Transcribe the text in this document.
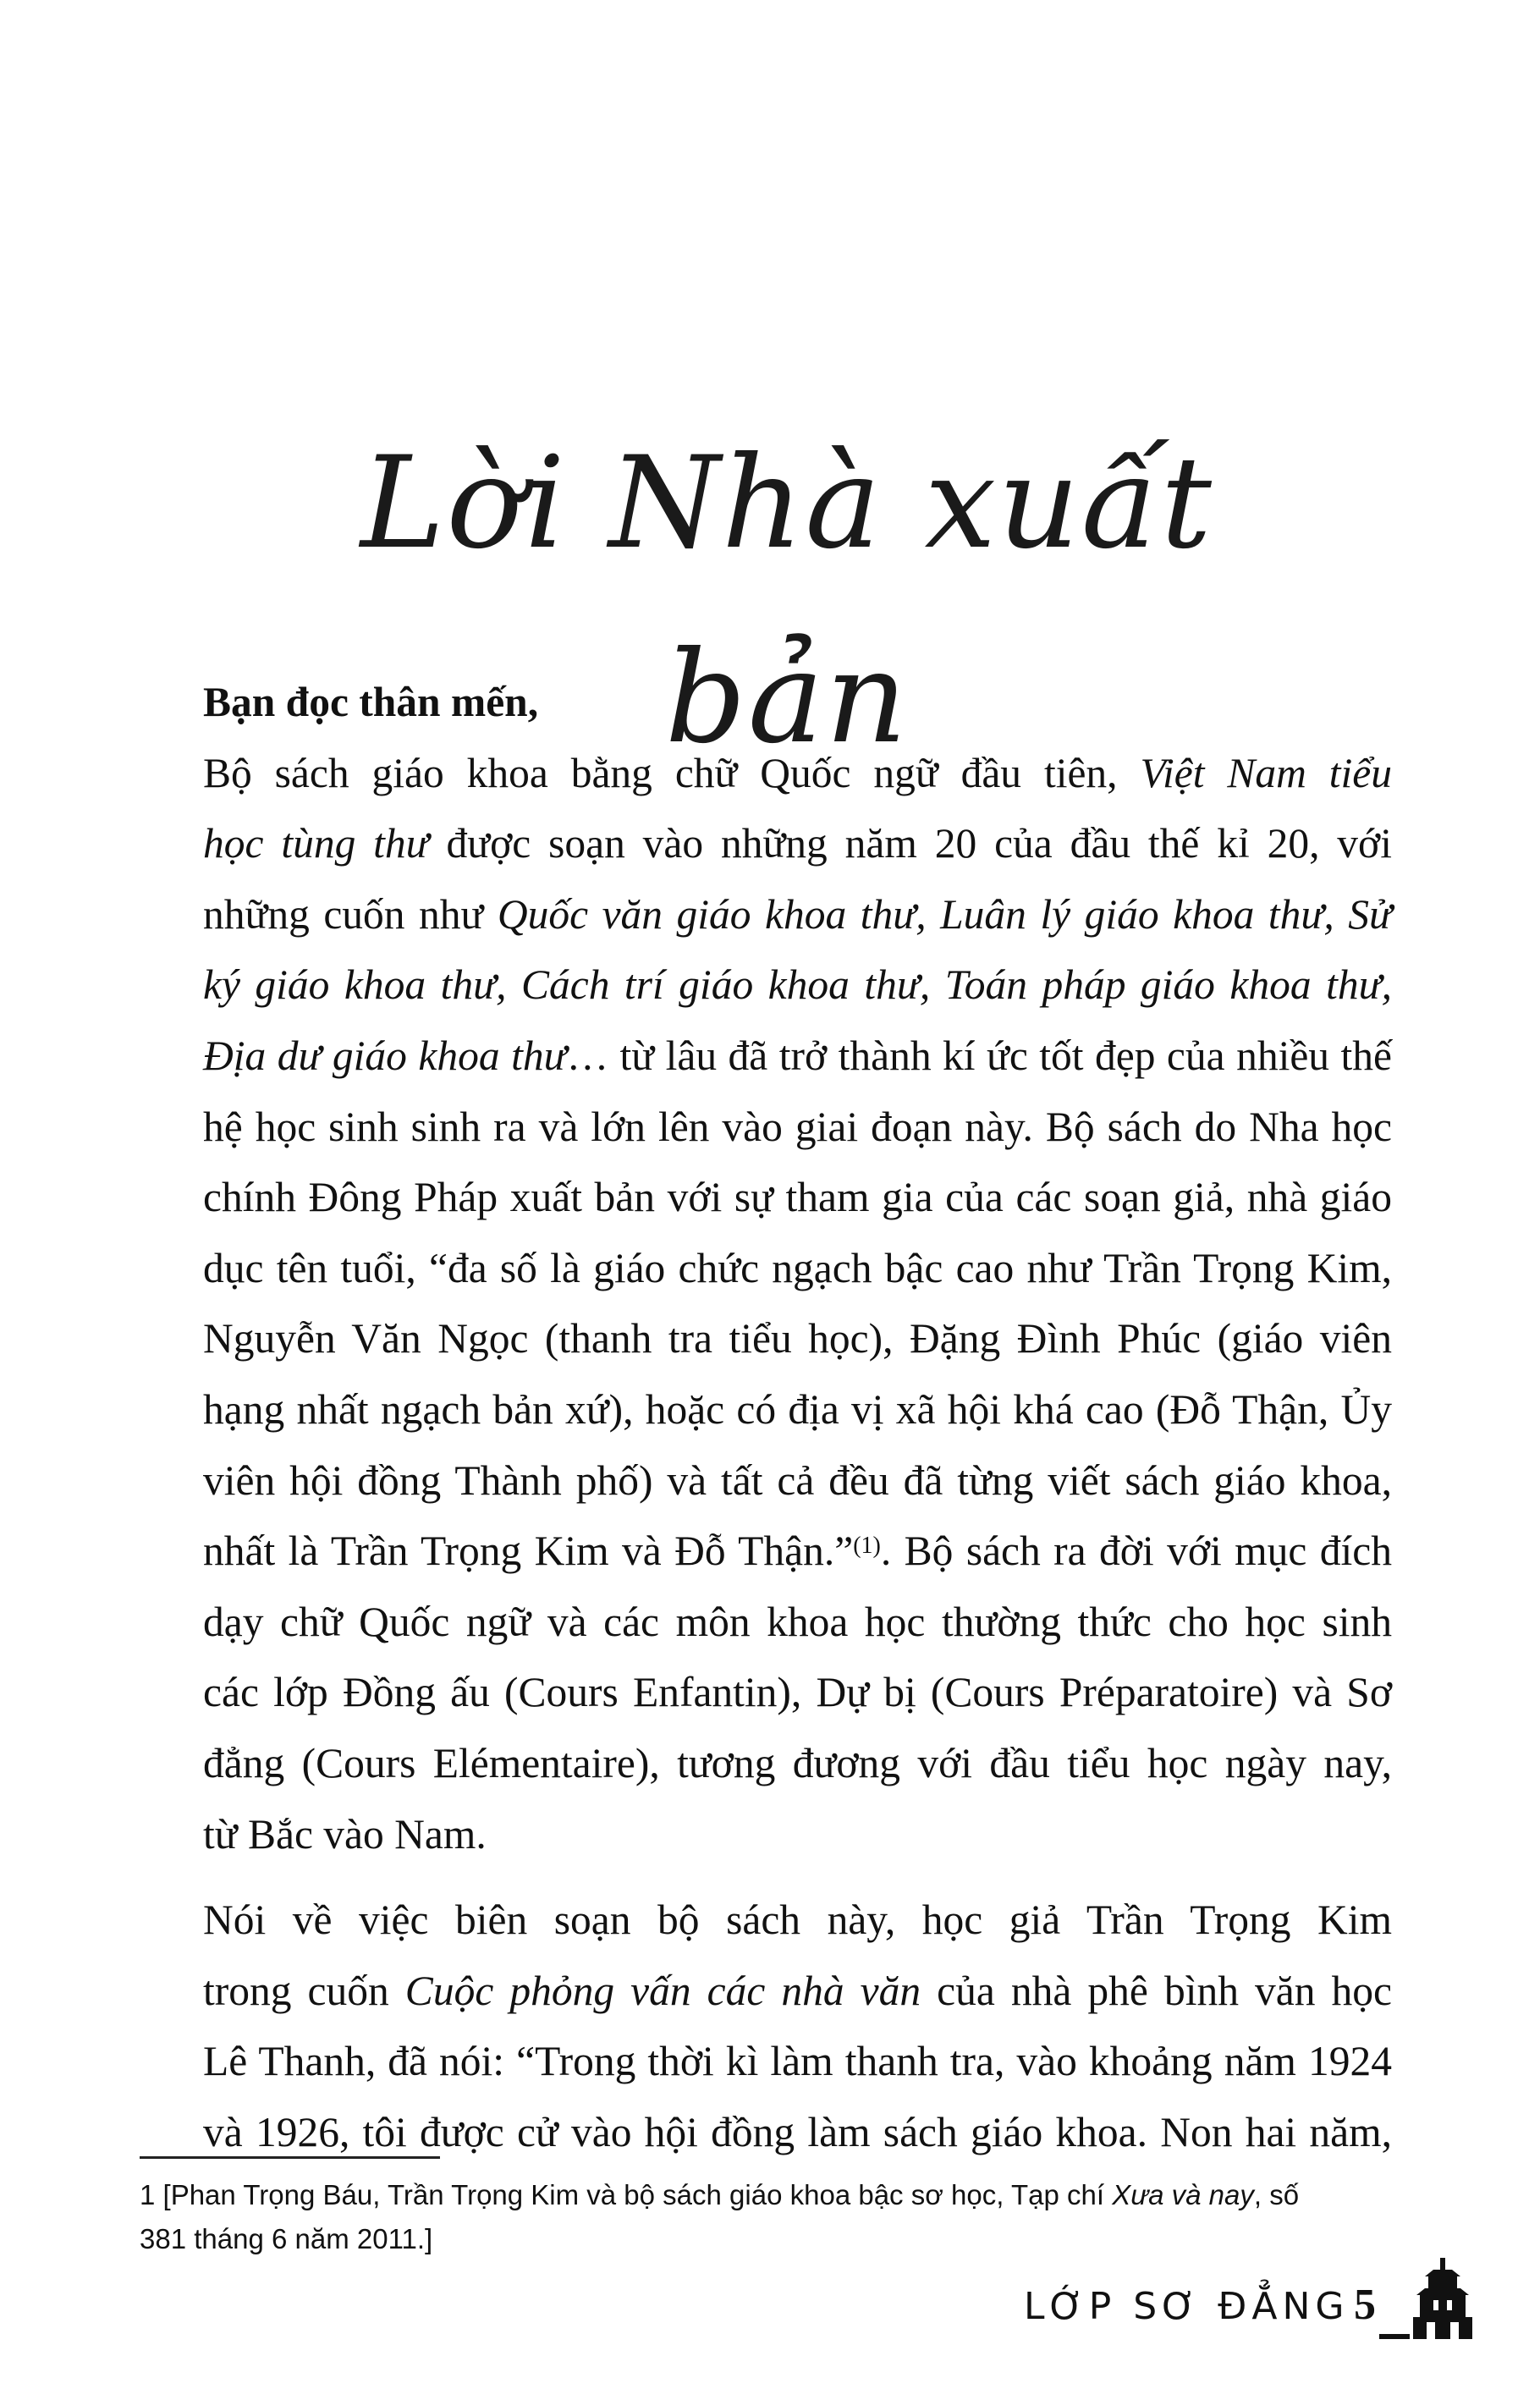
Lời Nhà xuất bản

Bạn đọc thân mến,

Bộ sách giáo khoa bằng chữ Quốc ngữ đầu tiên, Việt Nam tiểu
học tùng thư được soạn vào những năm 20 của đầu thế kỉ 20, với
những cuốn như Quốc văn giáo khoa thư, Luân lý giáo khoa thư, Sử
ký giáo khoa thư, Cách trí giáo khoa thư, Toán pháp giáo khoa thư,
Địa dư giáo khoa thư… từ lâu đã trở thành kí ức tốt đẹp của nhiều thế
hệ học sinh sinh ra và lớn lên vào giai đoạn này. Bộ sách do Nha học
chính Đông Pháp xuất bản với sự tham gia của các soạn giả, nhà giáo
dục tên tuổi, “đa số là giáo chức ngạch bậc cao như Trần Trọng Kim,
Nguyễn Văn Ngọc (thanh tra tiểu học), Đặng Đình Phúc (giáo viên
hạng nhất ngạch bản xứ), hoặc có địa vị xã hội khá cao (Đỗ Thận, Ủy
viên hội đồng Thành phố) và tất cả đều đã từng viết sách giáo khoa,
nhất là Trần Trọng Kim và Đỗ Thận.”$^{(1)}$. Bộ sách ra đời với mục đích
dạy chữ Quốc ngữ và các môn khoa học thường thức cho học sinh
các lớp Đồng ấu (Cours Enfantin), Dự bị (Cours Préparatoire) và Sơ
đẳng (Cours Elémentaire), tương đương với đầu tiểu học ngày nay,
từ Bắc vào Nam.
Nói về việc biên soạn bộ sách này, học giả Trần Trọng Kim
trong cuốn Cuộc phỏng vấn các nhà văn của nhà phê bình văn học
Lê Thanh, đã nói: “Trong thời kì làm thanh tra, vào khoảng năm 1924
và 1926, tôi được cử vào hội đồng làm sách giáo khoa. Non hai năm,
1 [Phan Trọng Báu, Trần Trọng Kim và bộ sách giáo khoa bậc sơ học, Tạp chí Xưa và nay, số
381 tháng 6 năm 2011.]
LỚP SƠ ĐẲNG 5
